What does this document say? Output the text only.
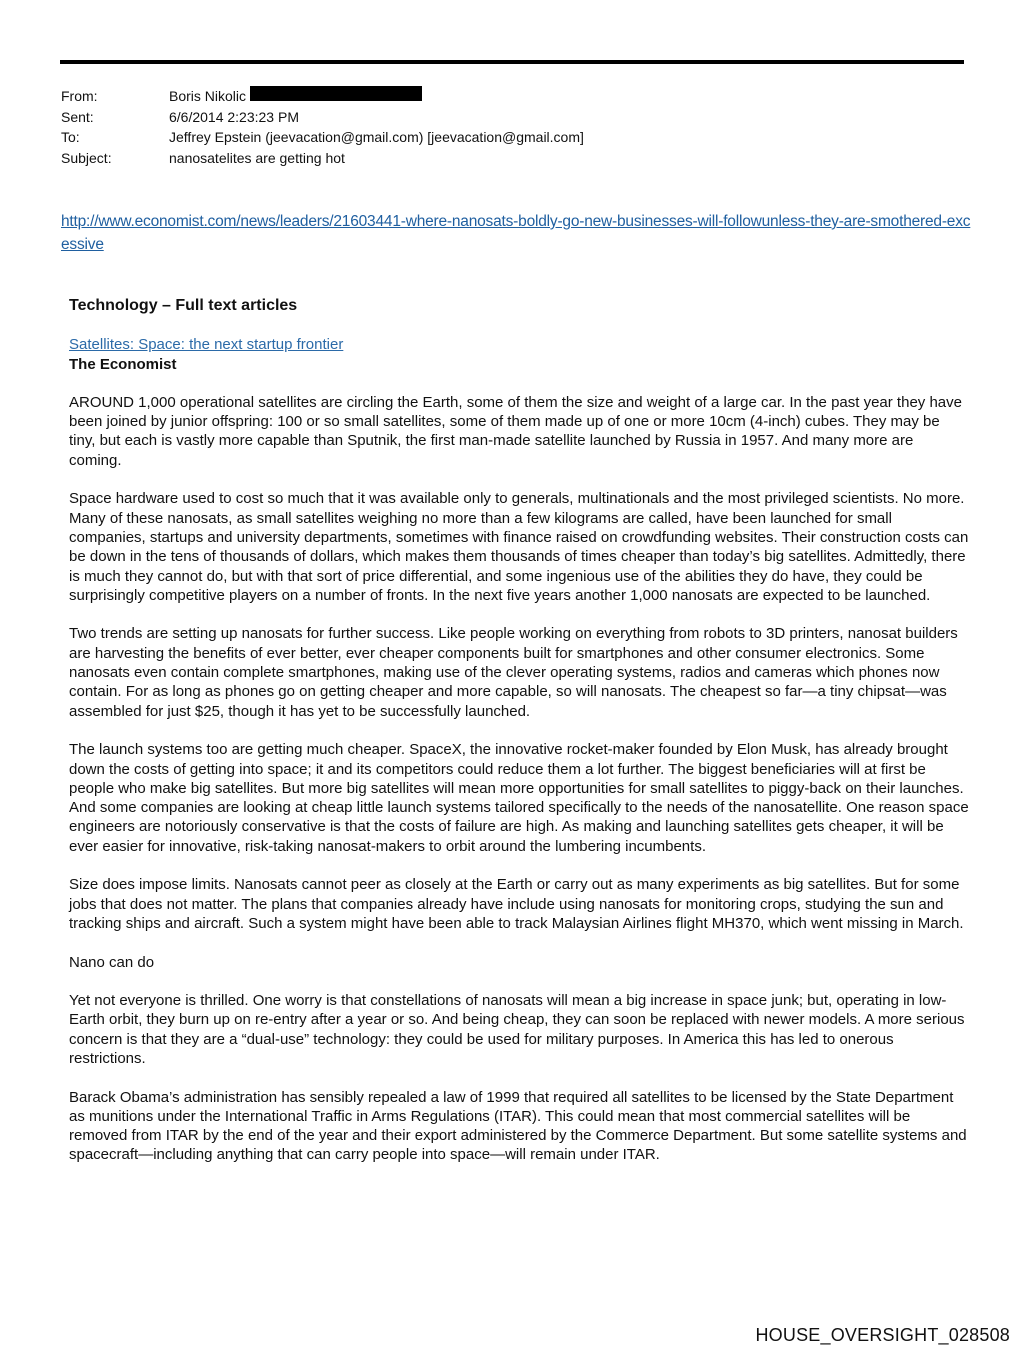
From:	Boris Nikolic
Sent:	6/6/2014 2:23:23 PM
To:	Jeffrey Epstein (jeevacation@gmail.com) [jeevacation@gmail.com]
Subject:	nanosatelites are getting hot
http://www.economist.com/news/leaders/21603441-where-nanosats-boldly-go-new-businesses-will-followunless-they-are-smothered-excessive
Technology – Full text articles
Satellites: Space: the next startup frontier
The Economist

AROUND 1,000 operational satellites are circling the Earth, some of them the size and weight of a large car. In the past year they have been joined by junior offspring: 100 or so small satellites, some of them made up of one or more 10cm (4-inch) cubes. They may be tiny, but each is vastly more capable than Sputnik, the first man-made satellite launched by Russia in 1957. And many more are coming.

Space hardware used to cost so much that it was available only to generals, multinationals and the most privileged scientists. No more. Many of these nanosats, as small satellites weighing no more than a few kilograms are called, have been launched for small companies, startups and university departments, sometimes with finance raised on crowdfunding websites. Their construction costs can be down in the tens of thousands of dollars, which makes them thousands of times cheaper than today’s big satellites. Admittedly, there is much they cannot do, but with that sort of price differential, and some ingenious use of the abilities they do have, they could be surprisingly competitive players on a number of fronts. In the next five years another 1,000 nanosats are expected to be launched.

Two trends are setting up nanosats for further success. Like people working on everything from robots to 3D printers, nanosat builders are harvesting the benefits of ever better, ever cheaper components built for smartphones and other consumer electronics. Some nanosats even contain complete smartphones, making use of the clever operating systems, radios and cameras which phones now contain. For as long as phones go on getting cheaper and more capable, so will nanosats. The cheapest so far—a tiny chipsat—was assembled for just $25, though it has yet to be successfully launched.

The launch systems too are getting much cheaper. SpaceX, the innovative rocket-maker founded by Elon Musk, has already brought down the costs of getting into space; it and its competitors could reduce them a lot further. The biggest beneficiaries will at first be people who make big satellites. But more big satellites will mean more opportunities for small satellites to piggy-back on their launches. And some companies are looking at cheap little launch systems tailored specifically to the needs of the nanosatellite. One reason space engineers are notoriously conservative is that the costs of failure are high. As making and launching satellites gets cheaper, it will be ever easier for innovative, risk-taking nanosat-makers to orbit around the lumbering incumbents.

Size does impose limits. Nanosats cannot peer as closely at the Earth or carry out as many experiments as big satellites. But for some jobs that does not matter. The plans that companies already have include using nanosats for monitoring crops, studying the sun and tracking ships and aircraft. Such a system might have been able to track Malaysian Airlines flight MH370, which went missing in March.

Nano can do

Yet not everyone is thrilled. One worry is that constellations of nanosats will mean a big increase in space junk; but, operating in low-Earth orbit, they burn up on re-entry after a year or so. And being cheap, they can soon be replaced with newer models. A more serious concern is that they are a “dual-use” technology: they could be used for military purposes. In America this has led to onerous restrictions.

Barack Obama’s administration has sensibly repealed a law of 1999 that required all satellites to be licensed by the State Department as munitions under the International Traffic in Arms Regulations (ITAR). This could mean that most commercial satellites will be removed from ITAR by the end of the year and their export administered by the Commerce Department. But some satellite systems and spacecraft—including anything that can carry people into space—will remain under ITAR.

HOUSE_OVERSIGHT_028508
